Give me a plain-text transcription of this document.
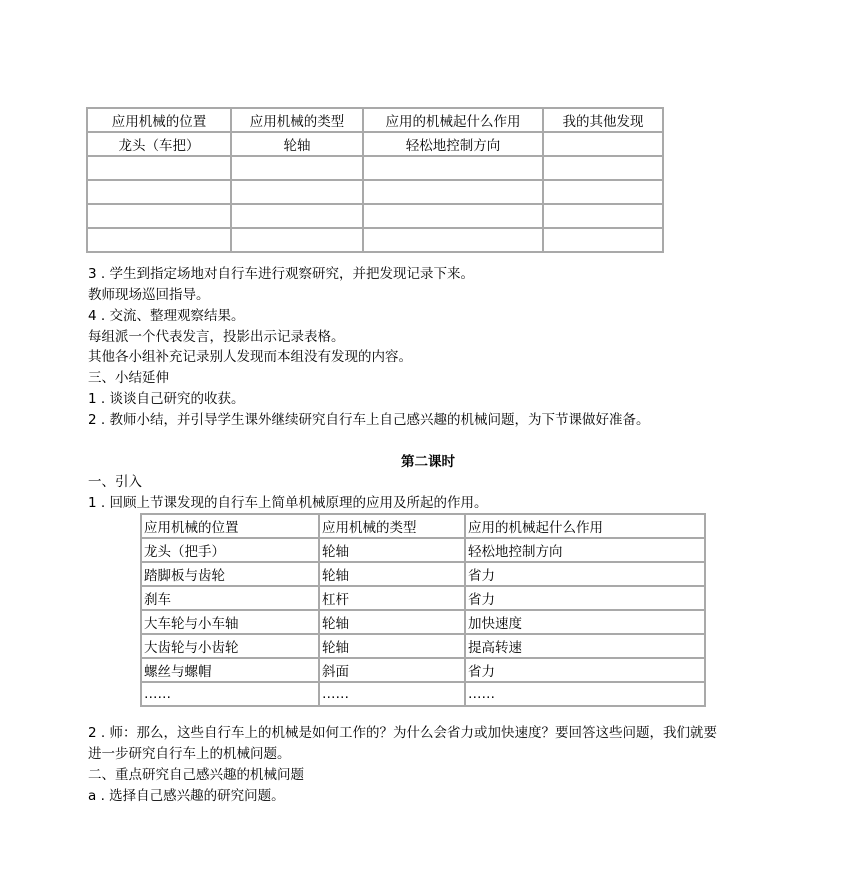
应用机械的位置	应用机械的类型	应用的机械起什么作用	我的其他发现
龙头（车把）	轮轴	轻松地控制方向	

3 . 学生到指定场地对自行车进行观察研究，并把发现记录下来。
教师现场巡回指导。
4 . 交流、整理观察结果。
每组派一个代表发言，投影出示记录表格。
其他各小组补充记录别人发现而本组没有发现的内容。
三、小结延伸
1 . 谈谈自己研究的收获。
2 . 教师小结，并引导学生课外继续研究自行车上自己感兴趣的机械问题，为下节课做好准备。
第二课时
一、引入
1 . 回顾上节课发现的自行车上简单机械原理的应用及所起的作用。
应用机械的位置	应用机械的类型	应用的机械起什么作用
龙头（把手）	轮轴	轻松地控制方向
踏脚板与齿轮	轮轴	省力
刹车	杠杆	省力
大车轮与小车轴	轮轴	加快速度
大齿轮与小齿轮	轮轴	提高转速
螺丝与螺帽	斜面	省力
……	……	……
2 . 师：那么，这些自行车上的机械是如何工作的？为什么会省力或加快速度？要回答这些问题，我们就要
进一步研究自行车上的机械问题。
二、重点研究自己感兴趣的机械问题
a . 选择自己感兴趣的研究问题。
